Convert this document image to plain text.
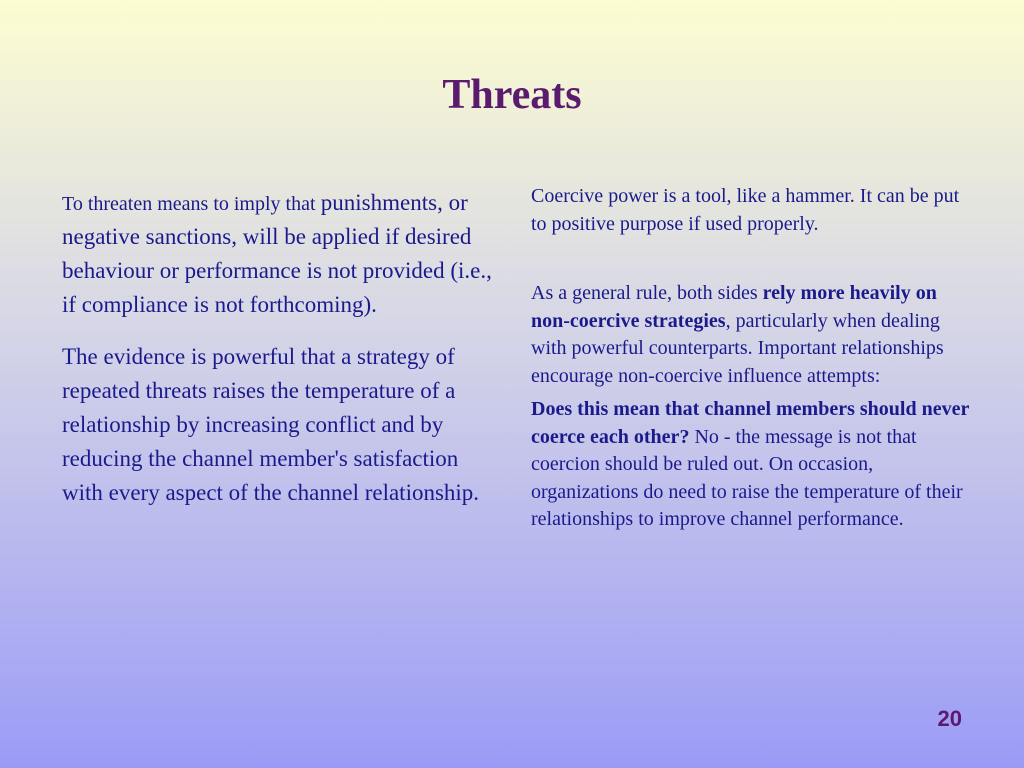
Threats

To threaten means to imply that punishments, or negative sanctions, will be applied if desired behaviour or performance is not provided (i.e., if compliance is not forthcoming).

The evidence is powerful that a strategy of repeated threats raises the temperature of a relationship by increasing conflict and by reducing the channel member's satisfaction with every aspect of the channel relationship.

Coercive power is a tool, like a hammer. It can be put to positive purpose if used properly.

As a general rule, both sides rely more heavily on non-coercive strategies, particularly when dealing with powerful counterparts. Important relationships encourage non-coercive influence attempts:

Does this mean that channel members should never coerce each other? No - the message is not that coercion should be ruled out. On occasion, organizations do need to raise the temperature of their relationships to improve channel performance.

20
